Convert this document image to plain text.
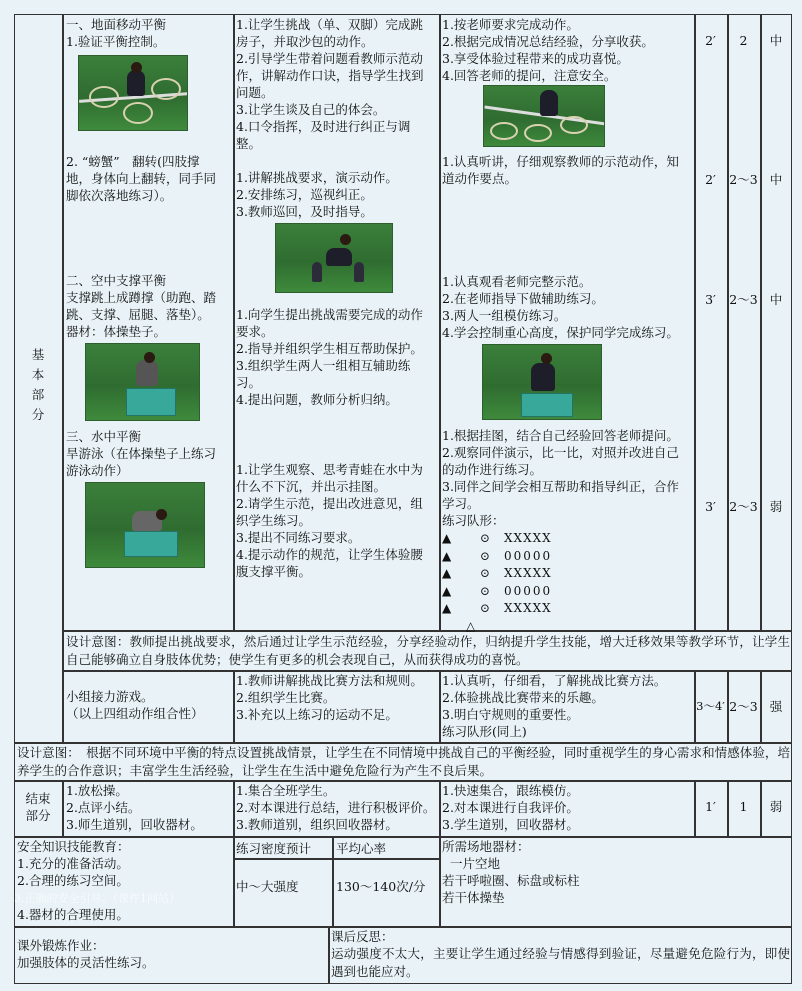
基
本
部
分
一、地面移动平衡
1.验证平衡控制。
2. “螃蟹”　翻转(四肢撑
地，身体向上翻转，同手同
脚依次落地练习）。
二、空中支撑平衡
支撑跳上成蹲撑（助跑、踏
跳、支撑、屈腿、落垫）。
器材：体操垫子。
三、水中平衡
旱游泳（在体操垫子上练习
游泳动作）
1.让学生挑战（单、双脚）完成跳
房子，并取沙包的动作。
2.引导学生带着问题看教师示范动
作，讲解动作口诀，指导学生找到
问题。
3.让学生谈及自己的体会。
4.口令指挥，及时进行纠正与调
整。
1.讲解挑战要求，演示动作。
2.安排练习，巡视纠正。
3.教师巡回，及时指导。
1.向学生提出挑战需要完成的动作
要求。
2.指导并组织学生相互帮助保护。
3.组织学生两人一组相互辅助练
习。
4.提出问题，教师分析归纳。
1.让学生观察、思考青蛙在水中为
什么不下沉，并出示挂图。
2.请学生示范，提出改进意见，组
织学生练习。
3.提出不同练习要求。
4.提示动作的规范，让学生体验腰
腹支撑平衡。
1.按老师要求完成动作。
2.根据完成情况总结经验，分享收获。
3.享受体验过程带来的成功喜悦。
4.回答老师的提问，注意安全。
1.认真听讲，仔细观察教师的示范动作，知
道动作要点。
1.认真观看老师完整示范。
2.在老师指导下做辅助练习。
3.两人一组模仿练习。
4.学会控制重心高度，保护同学完成练习。
1.根据挂图，结合自己经验回答老师提问。
2.观察同伴演示，比一比，对照并改进自己
的动作进行练习。
3.同伴之间学会相互帮助和指导纠正，合作
学习。
练习队形：
▲ ⊙ XXXXX
▲ ⊙ 00000
▲ ⊙ XXXXX
▲ ⊙ 00000
▲ ⊙ XXXXX
△
2′
2′
3′
3′
2
2～3
2～3
2～3
中
中
中
弱
设计意图：教师提出挑战要求，然后通过让学生示范经验，分享经验动作，归纳提升学生技能，增大迁移效果等教学环节，让学生自己能够确立自身肢体优势；使学生有更多的机会表现自己，从而获得成功的喜悦。
小组接力游戏。
（以上四组动作组合性）
1.教师讲解挑战比赛方法和规则。
2.组织学生比赛。
3.补充以上练习的运动不足。
1.认真听，仔细看，了解挑战比赛方法。
2.体验挑战比赛带来的乐趣。
3.明白守规则的重要性。
练习队形(同上)
3～4′ 2～3 强
设计意图：　根据不同环境中平衡的特点设置挑战情景，让学生在不同情境中挑战自己的平衡经验，同时重视学生的身心需求和情感体验，培养学生的合作意识；丰富学生生活经验，让学生在生活中避免危险行为产生不良后果。
结束
部分
1.放松操。
2.点评小结。
3.师生道别，回收器材。
1.集合全班学生。
2.对本课进行总结，进行积极评价。
3.教师道别，组织回收器材。
1.快速集合，跟练模仿。
2.对本课进行自我评价。
3.学生道别，回收器材。
1′	1	弱
安全知识技能教育：
1.充分的准备活动。
2.合理的练习空间。
4.器材的合理使用。
3.正确的安全引导。（课件1网站）
练习密度预计
中～大强度
平均心率
130～140次/分
所需场地器材：
一片空地
若干呼啦圈、标盘或标柱
若干体操垫
课外锻炼作业：
加强肢体的灵活性练习。
课后反思：
运动强度不太大，主要让学生通过经验与情感得到验证，尽量避免危险行为，即使遇到也能应对。
